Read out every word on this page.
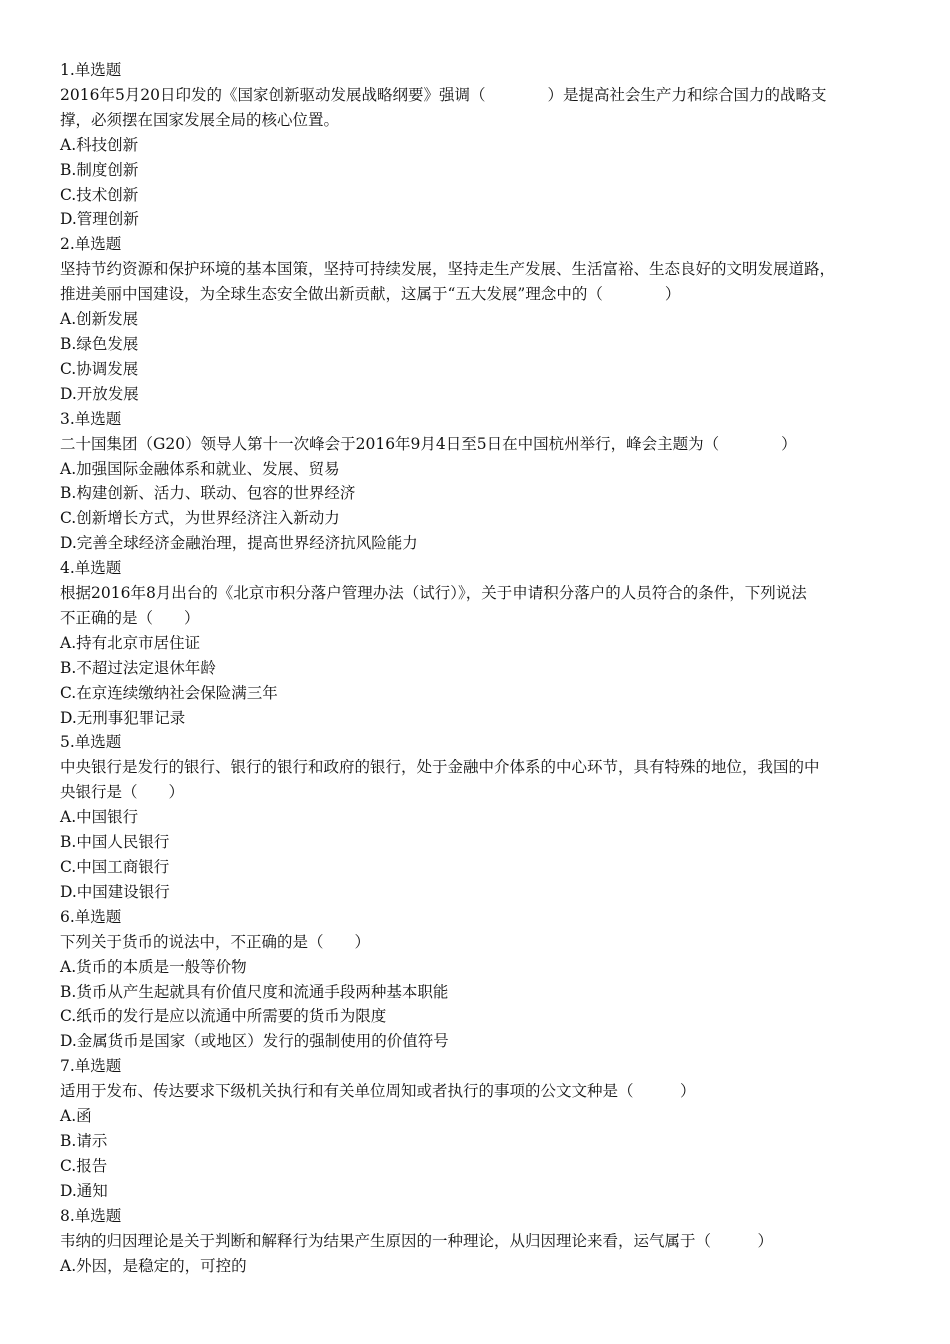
1.单选题

2016年5月20日印发的《国家创新驱动发展战略纲要》强调（　　　　）是提高社会生产力和综合国力的战略支

撑，必须摆在国家发展全局的核心位置。

A.科技创新

B.制度创新

C.技术创新

D.管理创新

2.单选题

坚持节约资源和保护环境的基本国策，坚持可持续发展，坚持走生产发展、生活富裕、生态良好的文明发展道路，

推进美丽中国建设，为全球生态安全做出新贡献，这属于“五大发展”理念中的（　　　　）

A.创新发展

B.绿色发展

C.协调发展

D.开放发展

3.单选题

二十国集团（G20）领导人第十一次峰会于2016年9月4日至5日在中国杭州举行，峰会主题为（　　　　）

A.加强国际金融体系和就业、发展、贸易

B.构建创新、活力、联动、包容的世界经济

C.创新增长方式，为世界经济注入新动力

D.完善全球经济金融治理，提高世界经济抗风险能力

4.单选题

根据2016年8月出台的《北京市积分落户管理办法（试行）》，关于申请积分落户的人员符合的条件，下列说法

不正确的是（　　）

A.持有北京市居住证

B.不超过法定退休年龄

C.在京连续缴纳社会保险满三年

D.无刑事犯罪记录

5.单选题

中央银行是发行的银行、银行的银行和政府的银行，处于金融中介体系的中心环节，具有特殊的地位，我国的中

央银行是（　　）

A.中国银行

B.中国人民银行

C.中国工商银行

D.中国建设银行

6.单选题

下列关于货币的说法中，不正确的是（　　）

A.货币的本质是一般等价物

B.货币从产生起就具有价值尺度和流通手段两种基本职能

C.纸币的发行是应以流通中所需要的货币为限度

D.金属货币是国家（或地区）发行的强制使用的价值符号

7.单选题

适用于发布、传达要求下级机关执行和有关单位周知或者执行的事项的公文文种是（　　　）

A.函

B.请示

C.报告

D.通知

8.单选题

韦纳的归因理论是关于判断和解释行为结果产生原因的一种理论，从归因理论来看，运气属于（　　　）

A.外因，是稳定的，可控的
